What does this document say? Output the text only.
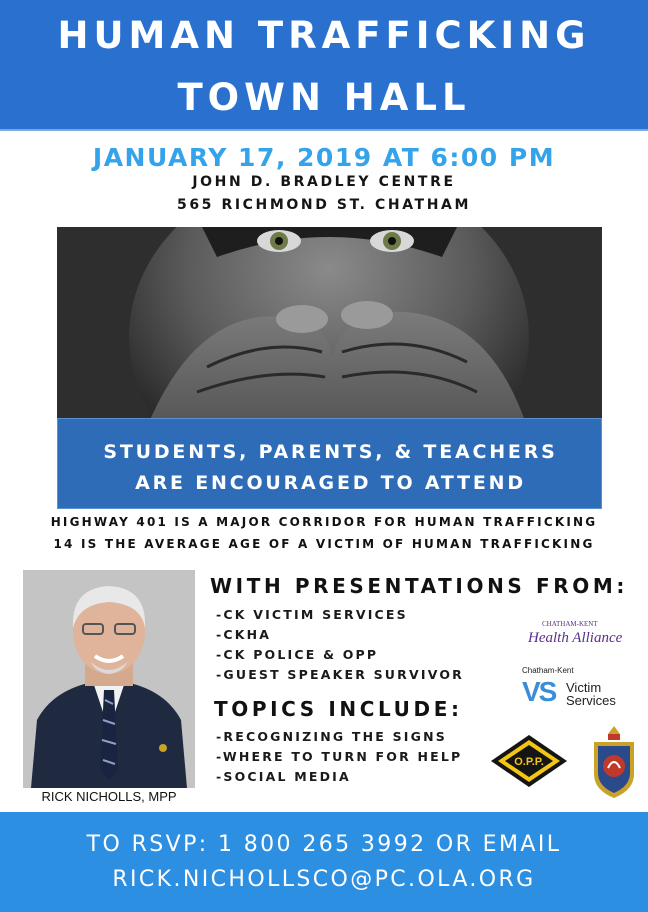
HUMAN TRAFFICKING
TOWN HALL
JANUARY 17, 2019 AT 6:00 PM
JOHN D. BRADLEY CENTRE
565 RICHMOND ST. CHATHAM
STUDENTS, PARENTS, & TEACHERS
ARE ENCOURAGED TO ATTEND
HIGHWAY 401 IS A MAJOR CORRIDOR FOR HUMAN TRAFFICKING
14 IS THE AVERAGE AGE OF A VICTIM OF HUMAN TRAFFICKING
RICK NICHOLLS, MPP
WITH PRESENTATIONS FROM:
-CK VICTIM SERVICES
-CKHA
-CK POLICE & OPP
-GUEST SPEAKER SURVIVOR
TOPICS INCLUDE:
-RECOGNIZING THE SIGNS
-WHERE TO TURN FOR HELP
-SOCIAL MEDIA
CHATHAM-KENT
Health Alliance
Chatham-Kent
VS Victim
Services
O.P.P.
TO RSVP: 1 800 265 3992 OR EMAIL
RICK.NICHOLLSCO@PC.OLA.ORG
